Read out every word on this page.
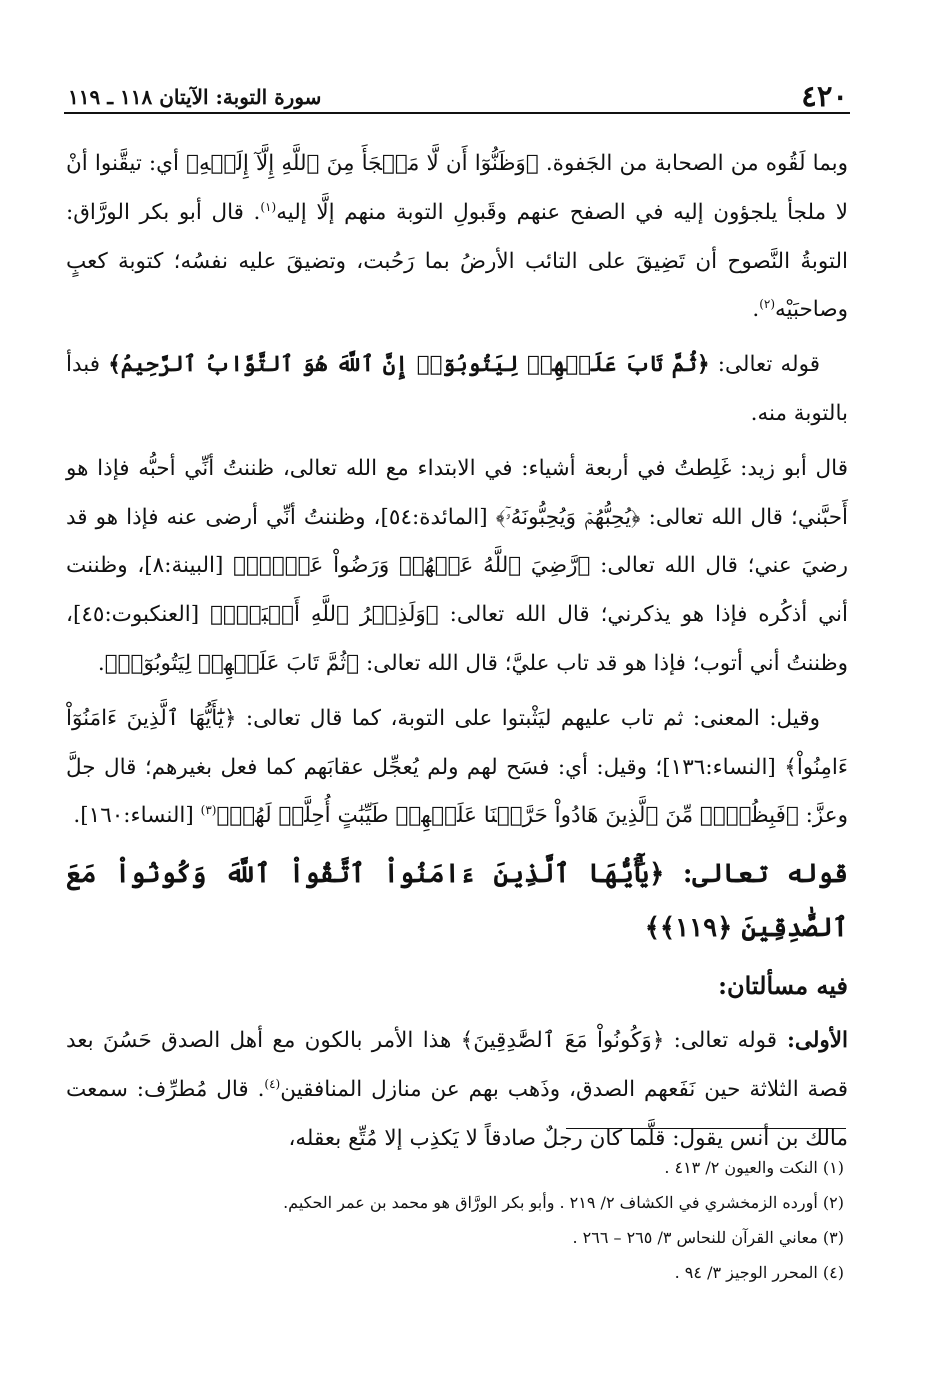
٤٢٠
سورة التوبة: الآيتان ١١٨ ـ ١١٩

وبما لَقُوه من الصحابة من الجَفوة. ﴿وَظَنُّوٓا أَن لَّا مَلۡجَأَ مِنَ ٱللَّهِ إِلَّآ إِلَيۡهِ﴾ أي: تيقَّنوا أنْ لا ملجأ يلجؤون إليه في الصفح عنهم وقَبولِ التوبة منهم إلَّا إليه$^{(١)}$. قال أبو بكر الورَّاق: التوبةُ النَّصوح أن تَضِيقَ على التائب الأرضُ بما رَحُبت، وتضيقَ عليه نفسُه؛ كتوبة كعبٍ وصاحبَيْه$^{(٢)}$.

قوله تعالى: ﴿ثُمَّ تَابَ عَلَيۡهِمۡ لِيَتُوبُوٓاۚ إِنَّ ٱللَّهَ هُوَ ٱلتَّوَّابُ ٱلرَّحِيمُ﴾ فبدأ بالتوبة منه.

قال أبو زيد: غَلِطتُ في أربعة أشياء: في الابتداء مع الله تعالى، ظننتُ أنِّي أحبُّه فإذا هو أَحبَّني؛ قال الله تعالى: ﴿يُحِبُّهُمۡ وَيُحِبُّونَهُۥٓ﴾ [المائدة:٥٤]، وظننتُ أنِّي أرضى عنه فإذا هو قد رضيَ عني؛ قال الله تعالى: ﴿رَّضِيَ ٱللَّهُ عَنۡهُمۡ وَرَضُواْ عَنۡهُۚ﴾ [البينة:٨]، وظننت أني أذكُره فإذا هو يذكرني؛ قال الله تعالى: ﴿وَلَذِكۡرُ ٱللَّهِ أَكۡبَرُۗ﴾ [العنكبوت:٤٥]، وظننتُ أني أتوب؛ فإذا هو قد تاب عليَّ؛ قال الله تعالى: ﴿ثُمَّ تَابَ عَلَيۡهِمۡ لِيَتُوبُوٓاۚ﴾.

وقيل: المعنى: ثم تاب عليهم ليَثْبتوا على التوبة، كما قال تعالى: ﴿يَٰٓأَيُّهَا ٱلَّذِينَ ءَامَنُوٓاْ ءَامِنُواْ﴾ [النساء:١٣٦]؛ وقيل: أي: فسَح لهم ولم يُعجِّل عقابَهم كما فعل بغيرهم؛ قال جلَّ وعزَّ: ﴿فَبِظُلۡمٖ مِّنَ ٱلَّذِينَ هَادُواْ حَرَّمۡنَا عَلَيۡهِمۡ طَيِّبَٰتٍ أُحِلَّتۡ لَهُمۡ﴾$^{(٣)}$ [النساء:١٦٠].

قوله تعالى: ﴿يَٰٓأَيُّهَا ٱلَّذِينَ ءَامَنُواْ ٱتَّقُواْ ٱللَّهَ وَكُونُواْ مَعَ ٱلصَّٰدِقِينَ ﴿١١٩﴾﴾

فيه مسألتان:

الأولى: قوله تعالى: ﴿وَكُونُواْ مَعَ ٱلصَّٰدِقِينَ﴾ هذا الأمر بالكون مع أهل الصدق حَسُنَ بعد قصة الثلاثة حين نَفَعهم الصدق، وذَهب بهم عن منازل المنافقين$^{(٤)}$. قال مُطرِّف: سمعت مالك بن أنس يقول: قلَّما كان رجلٌ صادقاً لا يَكذِب إلا مُتِّع بعقله،

(١) النكت والعيون ٢/ ٤١٣ .
(٢) أورده الزمخشري في الكشاف ٢/ ٢١٩ . وأبو بكر الورَّاق هو محمد بن عمر الحكيم.
(٣) معاني القرآن للنحاس ٣/ ٢٦٥ – ٢٦٦ .
(٤) المحرر الوجيز ٣/ ٩٤ .
